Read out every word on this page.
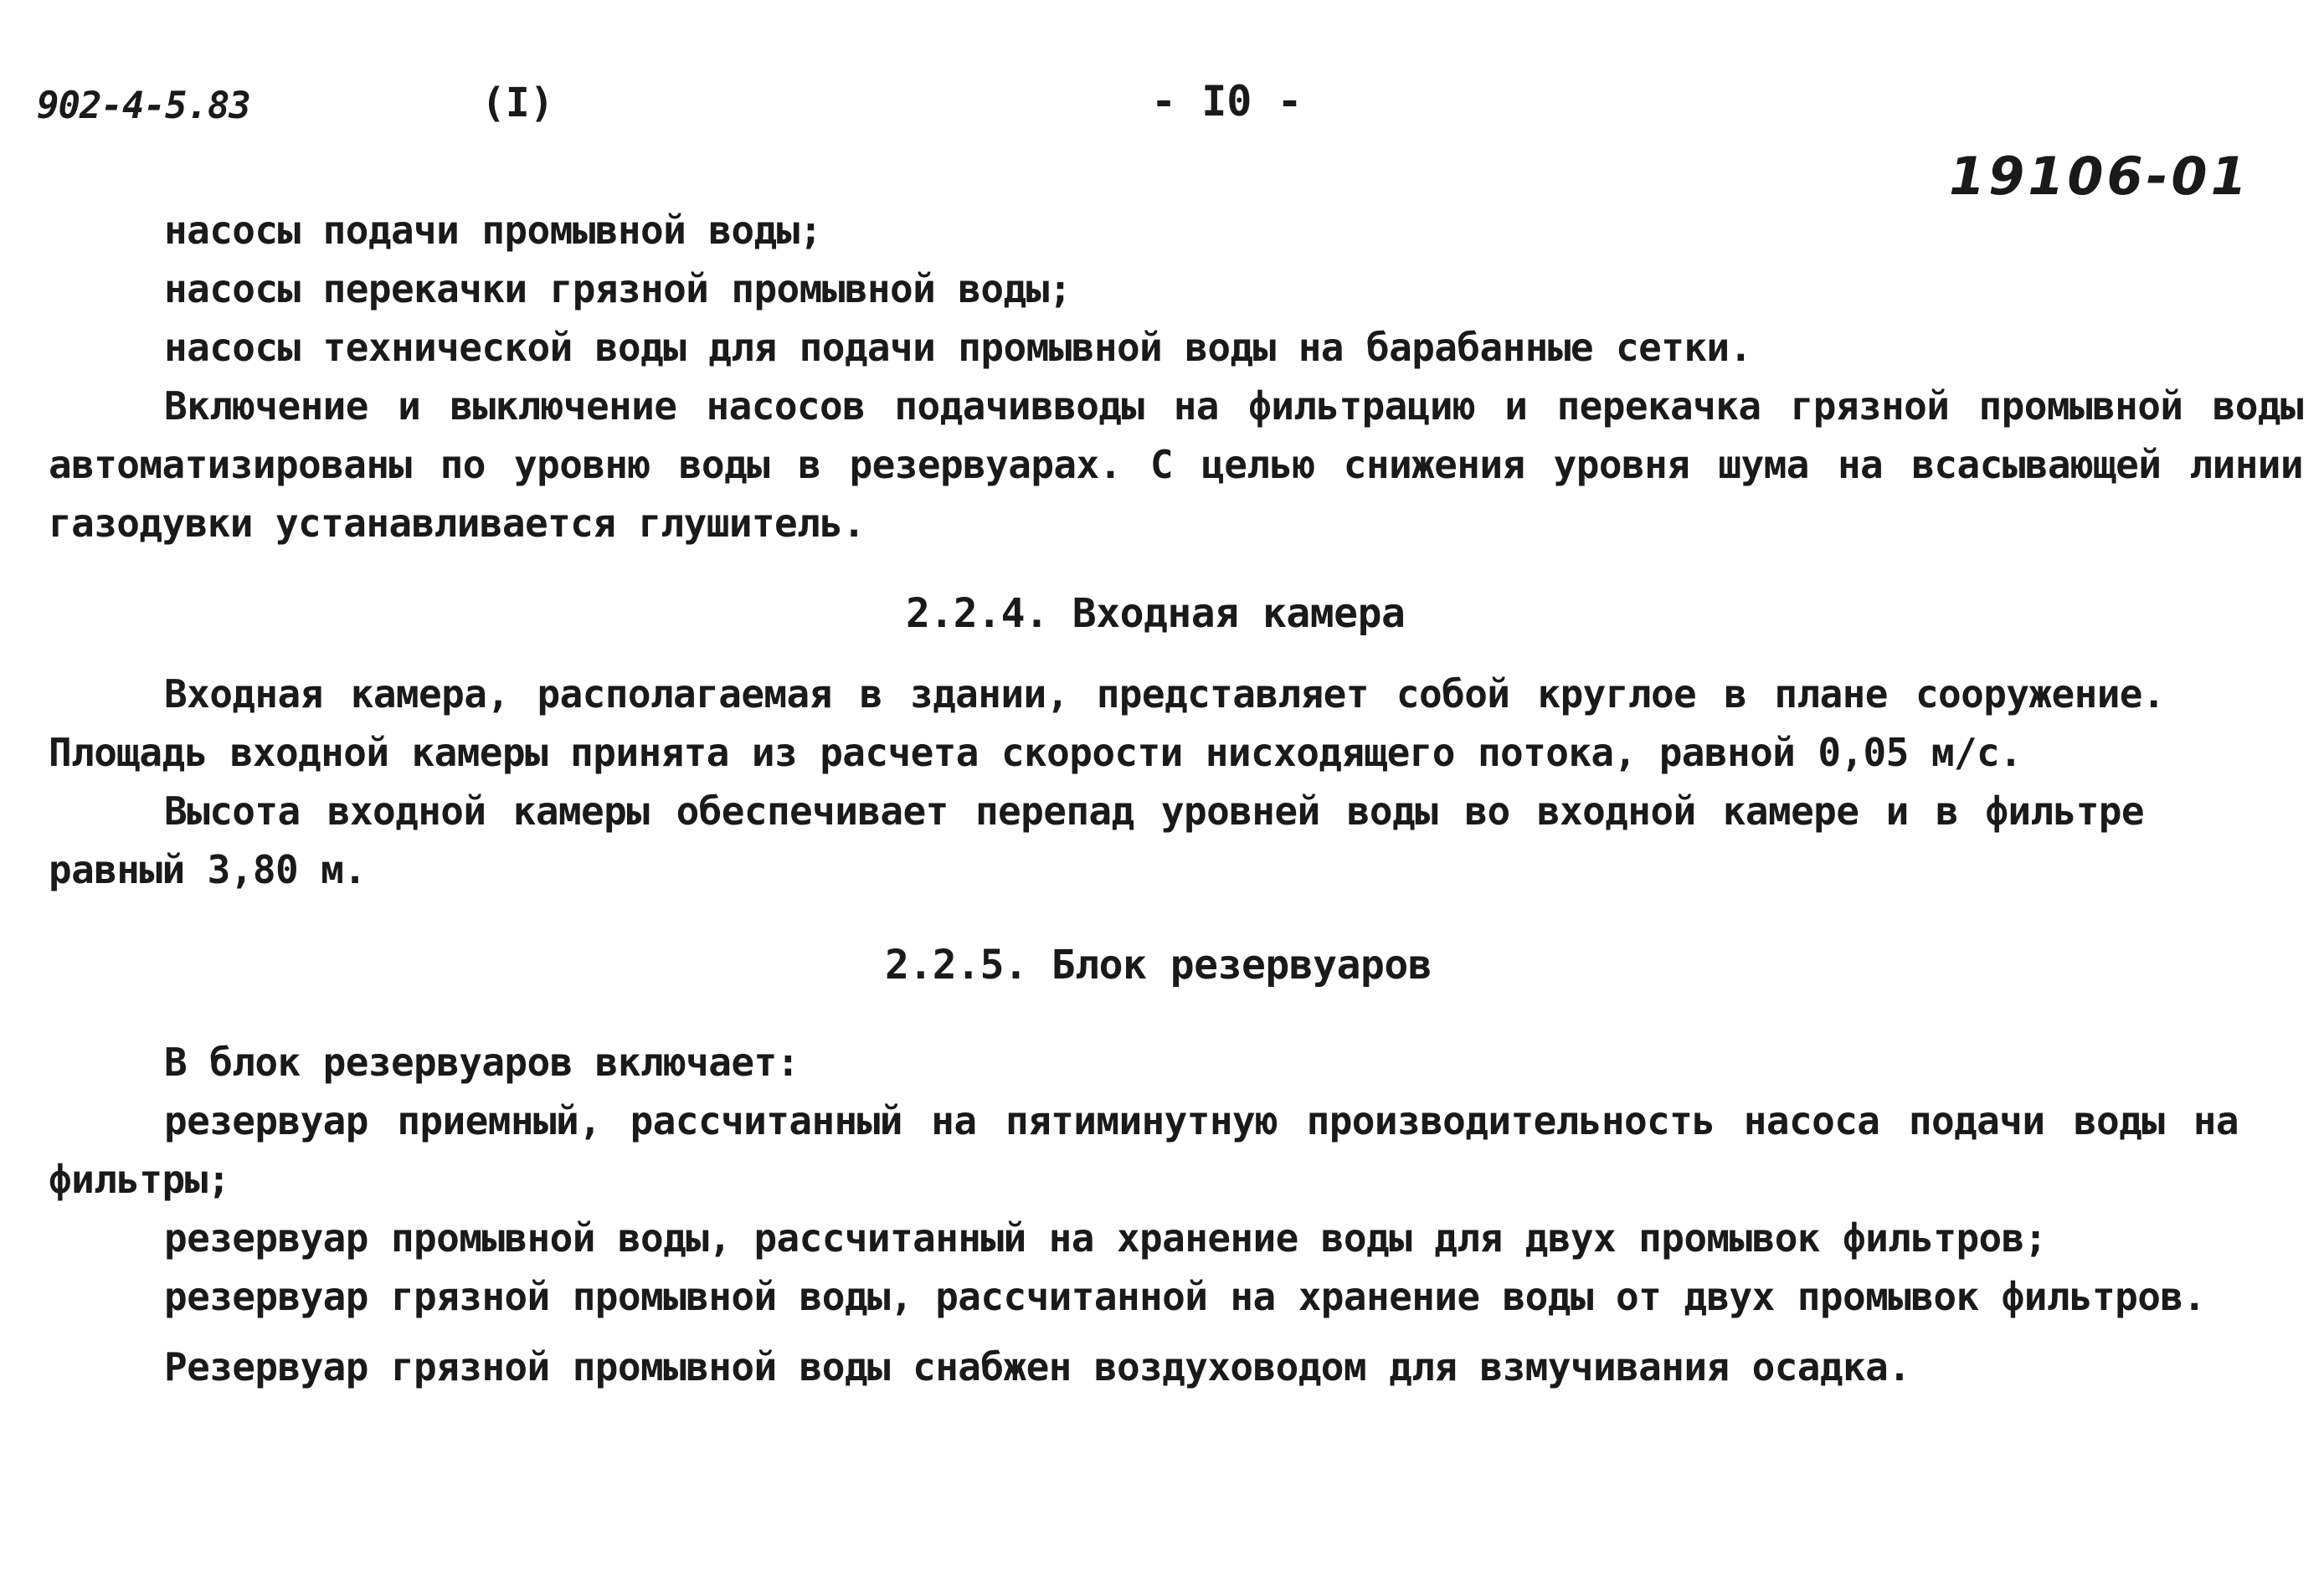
902-4-5.83	(I)	- I0 -
19106-01
насосы подачи промывной воды;
насосы перекачки грязной промывной воды;
насосы технической воды для подачи промывной воды на барабанные сетки.
Включение и выключение насосов подачивводы на фильтрацию и перекачка грязной промывной воды
автоматизированы по уровню воды в резервуарах. С целью снижения уровня шума на всасывающей линии
газодувки устанавливается глушитель.
2.2.4. Входная камера
Входная камера, располагаемая в здании, представляет собой круглое в плане сооружение.
Площадь входной камеры принята из расчета скорости нисходящего потока, равной 0,05 м/с.
Высота входной камеры обеспечивает перепад уровней воды во входной камере и в фильтре
равный 3,80 м.
2.2.5. Блок резервуаров
В блок резервуаров включает:
резервуар приемный, рассчитанный на пятиминутную производительность насоса подачи воды на
фильтры;
резервуар промывной воды, рассчитанный на хранение воды для двух промывок фильтров;
резервуар грязной промывной воды, рассчитанной на хранение воды от двух промывок фильтров.
Резервуар грязной промывной воды снабжен воздуховодом для взмучивания осадка.
